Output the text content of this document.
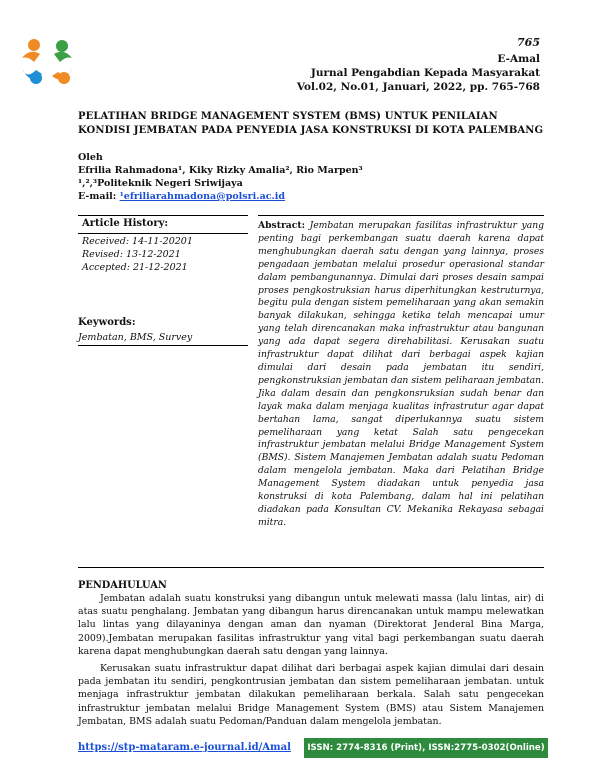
765
E-Amal
Jurnal Pengabdian Kepada Masyarakat
Vol.02, No.01, Januari, 2022, pp. 765-768
PELATIHAN BRIDGE MANAGEMENT SYSTEM (BMS) UNTUK PENILAIAN KONDISI JEMBATAN PADA PENYEDIA JASA KONSTRUKSI DI KOTA PALEMBANG
Oleh
Efrilia Rahmadona¹, Kiky Rizky Amalia², Rio Marpen³
¹,²,³Politeknik Negeri Sriwijaya
E-mail: ¹efriliarahmadona@polsri.ac.id
Article History:
Received: 14-11-20201
Revised: 13-12-2021
Accepted: 21-12-2021
Keywords:
Jembatan, BMS, Survey
Abstract: Jembatan merupakan fasilitas infrastruktur yang penting bagi perkembangan suatu daerah karena dapat menghubungkan daerah satu dengan yang lainnya, proses pengadaan jembatan melalui prosedur operasional standar dalam pembangunannya. Dimulai dari proses desain sampai proses pengkostruksian harus diperhitungkan kestruturnya, begitu pula dengan sistem pemeliharaan yang akan semakin banyak dilakukan, sehingga ketika telah mencapai umur yang telah direncanakan maka infrastruktur atau bangunan yang ada dapat segera direhabilitasi. Kerusakan suatu infrastruktur dapat dilihat dari berbagai aspek kajian dimulai dari desain pada jembatan itu sendiri, pengkonstruksian jembatan dan sistem peliharaan jembatan. Jika dalam desain dan pengkonsruksian sudah benar dan layak maka dalam menjaga kualitas infrastrutur agar dapat bertahan lama, sangat diperlukannya suatu sistem pemeliharaan yang ketat Salah satu pengecekan infrastruktur jembatan melalui Bridge Management System (BMS). Sistem Manajemen Jembatan adalah suatu Pedoman dalam mengelola jembatan. Maka dari Pelatihan Bridge Management System diadakan untuk penyedia jasa konstruksi di kota Palembang, dalam hal ini pelatihan diadakan pada Konsultan CV. Mekanika Rekayasa sebagai mitra.
PENDAHULUAN

Jembatan adalah suatu konstruksi yang dibangun untuk melewati massa (lalu lintas, air) di atas suatu penghalang. Jembatan yang dibangun harus direncanakan untuk mampu melewatkan lalu lintas yang dilayaninya dengan aman dan nyaman (Direktorat Jenderal Bina Marga, 2009).Jembatan merupakan fasilitas infrastruktur yang vital bagi perkembangan suatu daerah karena dapat menghubungkan daerah satu dengan yang lainnya.

Kerusakan suatu infrastruktur dapat dilihat dari berbagai aspek kajian dimulai dari desain pada jembatan itu sendiri, pengkontrusian jembatan dan sistem pemeliharaan jembatan. untuk menjaga infrastruktur jembatan dilakukan pemeliharaan berkala. Salah satu pengecekan infrastruktur jembatan melalui Bridge Management System (BMS) atau Sistem Manajemen Jembatan, BMS adalah suatu Pedoman/Panduan dalam mengelola jembatan.

https://stp-mataram.e-journal.id/Amal	ISSN: 2774-8316 (Print), ISSN:2775-0302(Online)
